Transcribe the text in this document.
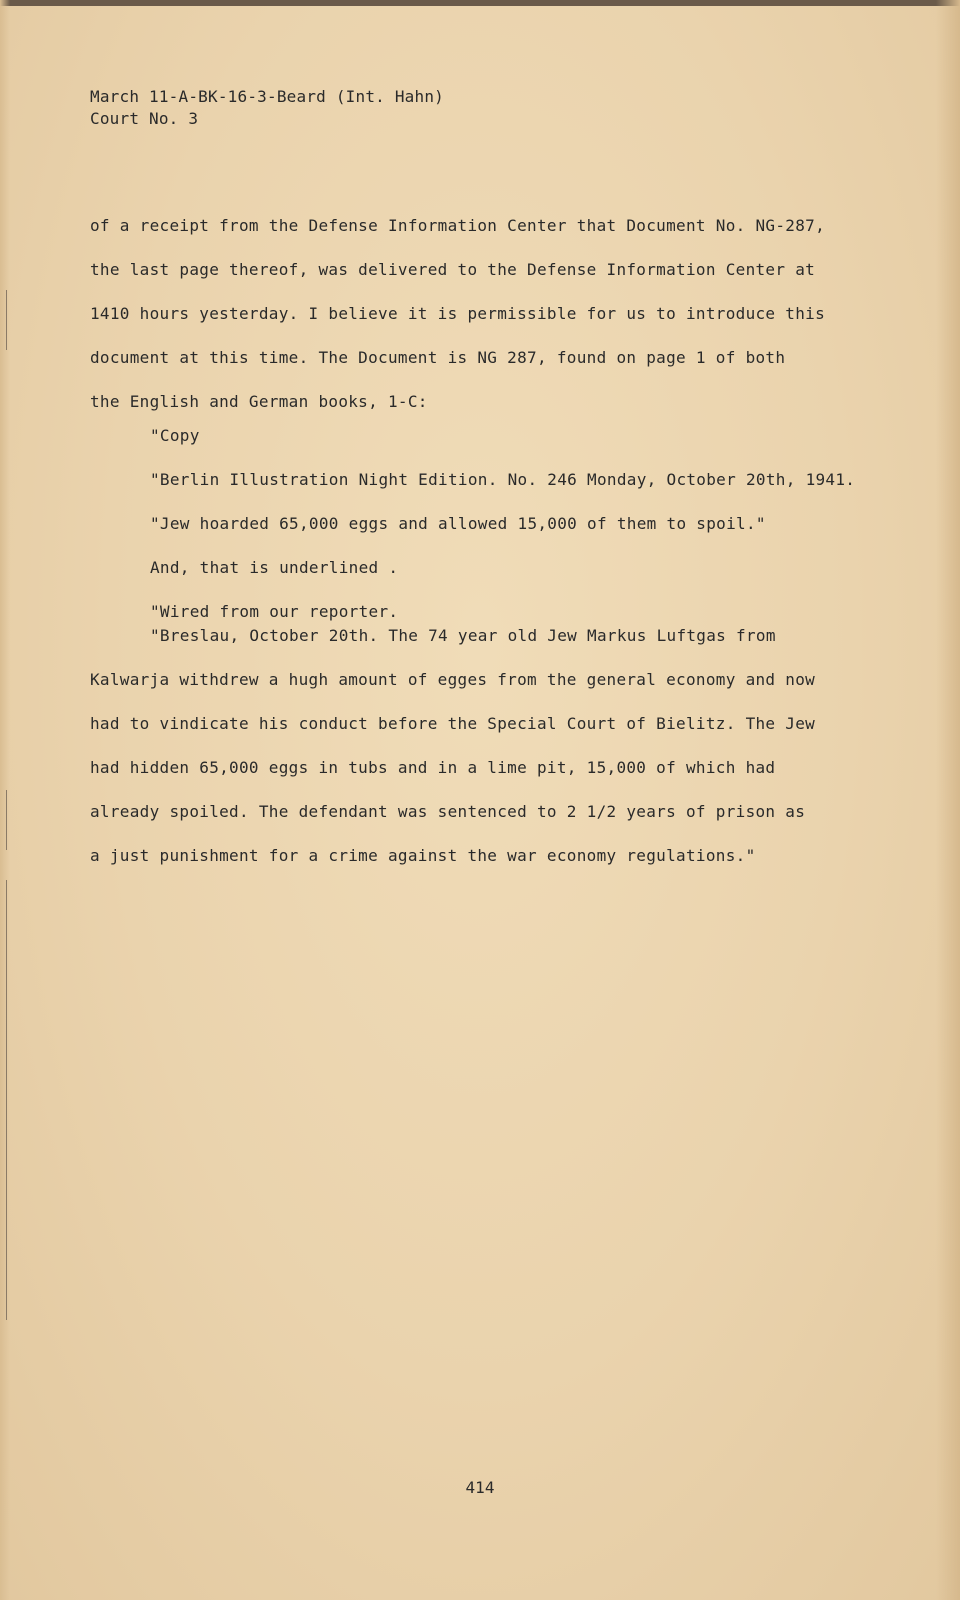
March 11-A-BK-16-3-Beard (Int. Hahn)
Court No. 3
of a receipt from the Defense Information Center that Document No. NG-287,
the last page thereof, was delivered to the Defense Information Center at
1410 hours yesterday. I believe it is permissible for us to introduce this
document at this time. The Document is NG 287, found on page 1 of both
the English and German books, 1-C:
"Copy
"Berlin Illustration Night Edition. No. 246 Monday, October 20th, 1941.
"Jew hoarded 65,000 eggs and allowed 15,000 of them to spoil."
And, that is underlined .
"Wired from our reporter.
"Breslau, October 20th. The 74 year old Jew Markus Luftgas from
Kalwarja withdrew a hugh amount of egges from the general economy and now
had to vindicate his conduct before the Special Court of Bielitz. The Jew
had hidden 65,000 eggs in tubs and in a lime pit, 15,000 of which had
already spoiled. The defendant was sentenced to 2 1/2 years of prison as
a just punishment for a crime against the war economy regulations."
414
